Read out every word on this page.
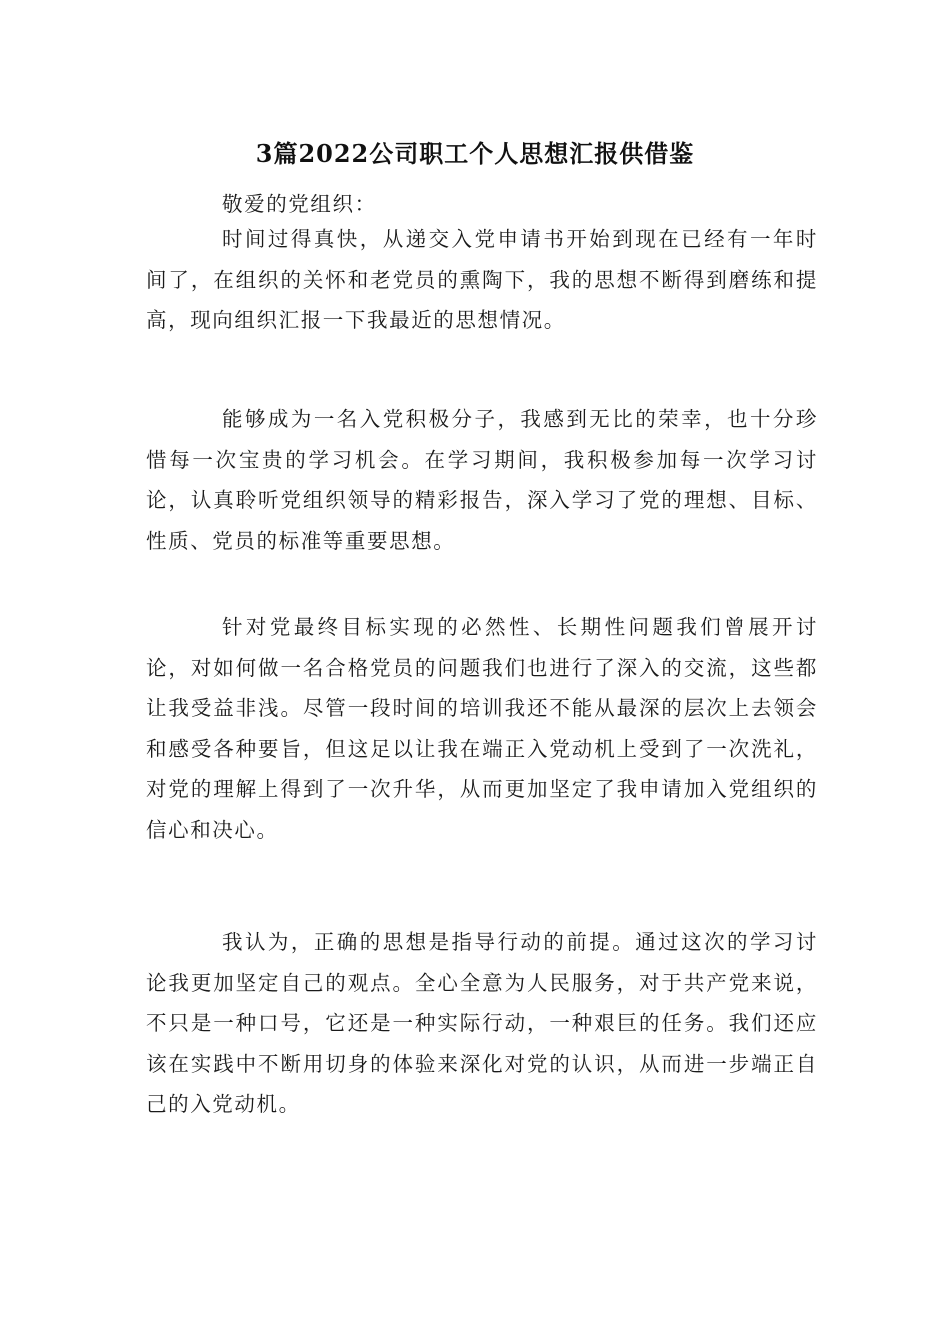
3篇2022公司职工个人思想汇报供借鉴

敬爱的党组织：

时间过得真快，从递交入党申请书开始到现在已经有一年时间了，在组织的关怀和老党员的熏陶下，我的思想不断得到磨练和提高，现向组织汇报一下我最近的思想情况。

能够成为一名入党积极分子，我感到无比的荣幸，也十分珍惜每一次宝贵的学习机会。在学习期间，我积极参加每一次学习讨论，认真聆听党组织领导的精彩报告，深入学习了党的理想、目标、性质、党员的标准等重要思想。

针对党最终目标实现的必然性、长期性问题我们曾展开讨论，对如何做一名合格党员的问题我们也进行了深入的交流，这些都让我受益非浅。尽管一段时间的培训我还不能从最深的层次上去领会和感受各种要旨，但这足以让我在端正入党动机上受到了一次洗礼，对党的理解上得到了一次升华，从而更加坚定了我申请加入党组织的信心和决心。

我认为，正确的思想是指导行动的前提。通过这次的学习讨论我更加坚定自己的观点。全心全意为人民服务，对于共产党来说，不只是一种口号，它还是一种实际行动，一种艰巨的任务。我们还应该在实践中不断用切身的体验来深化对党的认识，从而进一步端正自己的入党动机。
